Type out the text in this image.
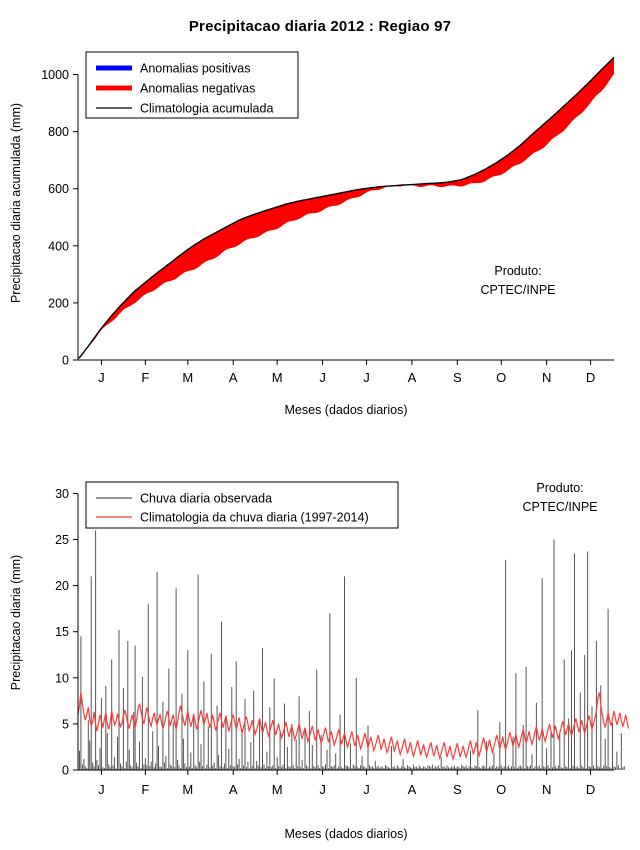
Precipitacao diaria 2012 : Regiao 97
0
200
400
600
800
1000
J	F	M	A	M	J	J	A	S	O	N	D
Precipitacao diaria acumulada (mm)
Meses (dados diarios)
Anomalias positivas
Anomalias negativas
Climatologia acumulada
Produto:
CPTEC/INPE
0
5
10
15
20
25
30
J	F	M	A	M	J	J	A	S	O	N	D
Precipitacao diaria (mm)
Meses (dados diarios)
Chuva diaria observada
Climatologia da chuva diaria (1997-2014)
Produto:
CPTEC/INPE
